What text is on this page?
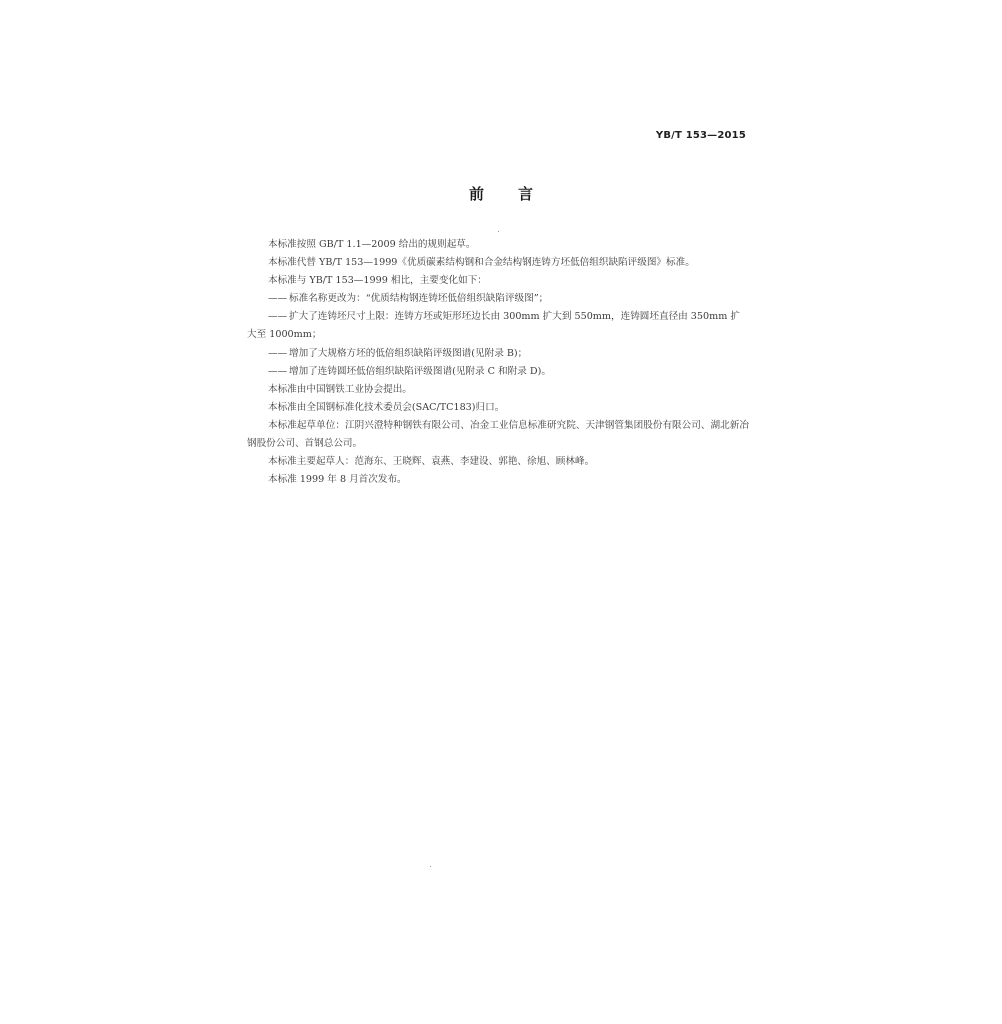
YB/T 153—2015
前言

本标准按照 GB/T 1.1—2009 给出的规则起草。

本标准代替 YB/T 153—1999《优质碳素结构钢和合金结构钢连铸方坯低倍组织缺陷评级图》标准。

本标准与 YB/T 153—1999 相比，主要变化如下：

—— 标准名称更改为：“优质结构钢连铸坯低倍组织缺陷评级图”；

—— 扩大了连铸坯尺寸上限：连铸方坯或矩形坯边长由 300mm 扩大到 550mm，连铸圆坯直径由 350mm 扩大至 1000mm；

—— 增加了大规格方坯的低倍组织缺陷评级图谱(见附录 B)；

—— 增加了连铸圆坯低倍组织缺陷评级图谱(见附录 C 和附录 D)。

本标准由中国钢铁工业协会提出。

本标准由全国钢标准化技术委员会(SAC/TC183)归口。

本标准起草单位：江阴兴澄特种钢铁有限公司、冶金工业信息标准研究院、天津钢管集团股份有限公司、湖北新冶钢股份公司、首钢总公司。

本标准主要起草人：范海东、王晓辉、袁燕、李建设、郭艳、徐旭、顾林峰。

本标准 1999 年 8 月首次发布。
